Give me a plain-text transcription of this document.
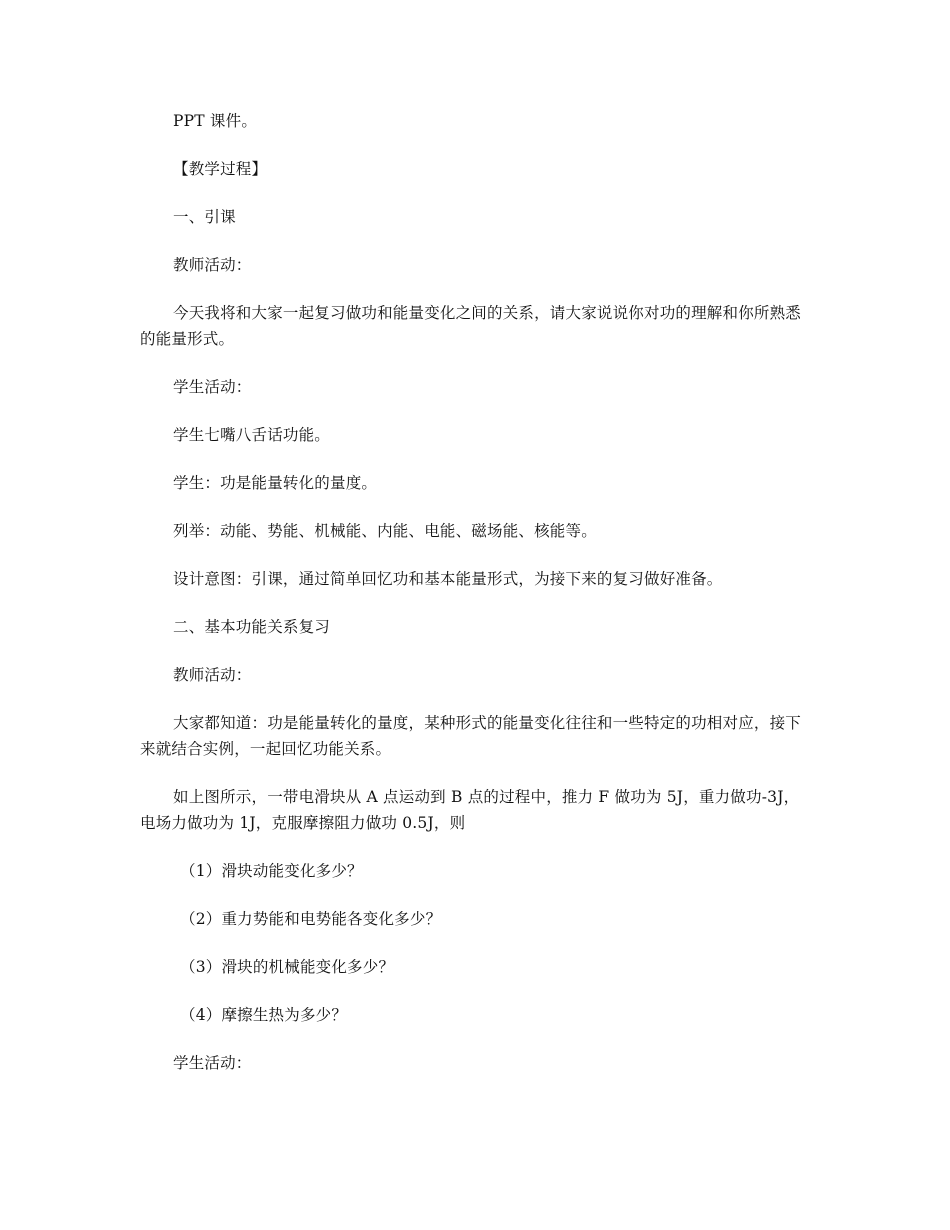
PPT 课件。

【教学过程】

一、引课

教师活动：

今天我将和大家一起复习做功和能量变化之间的关系，请大家说说你对功的理解和你所熟悉的能量形式。

学生活动：

学生七嘴八舌话功能。

学生：功是能量转化的量度。

列举：动能、势能、机械能、内能、电能、磁场能、核能等。

设计意图：引课，通过简单回忆功和基本能量形式，为接下来的复习做好准备。

二、基本功能关系复习

教师活动：

大家都知道：功是能量转化的量度，某种形式的能量变化往往和一些特定的功相对应，接下来就结合实例，一起回忆功能关系。

如上图所示，一带电滑块从 A 点运动到 B 点的过程中，推力 F 做功为 5J，重力做功-3J，电场力做功为 1J，克服摩擦阻力做功 0.5J，则

（1）滑块动能变化多少？

（2）重力势能和电势能各变化多少？

（3）滑块的机械能变化多少？

（4）摩擦生热为多少？

学生活动：
